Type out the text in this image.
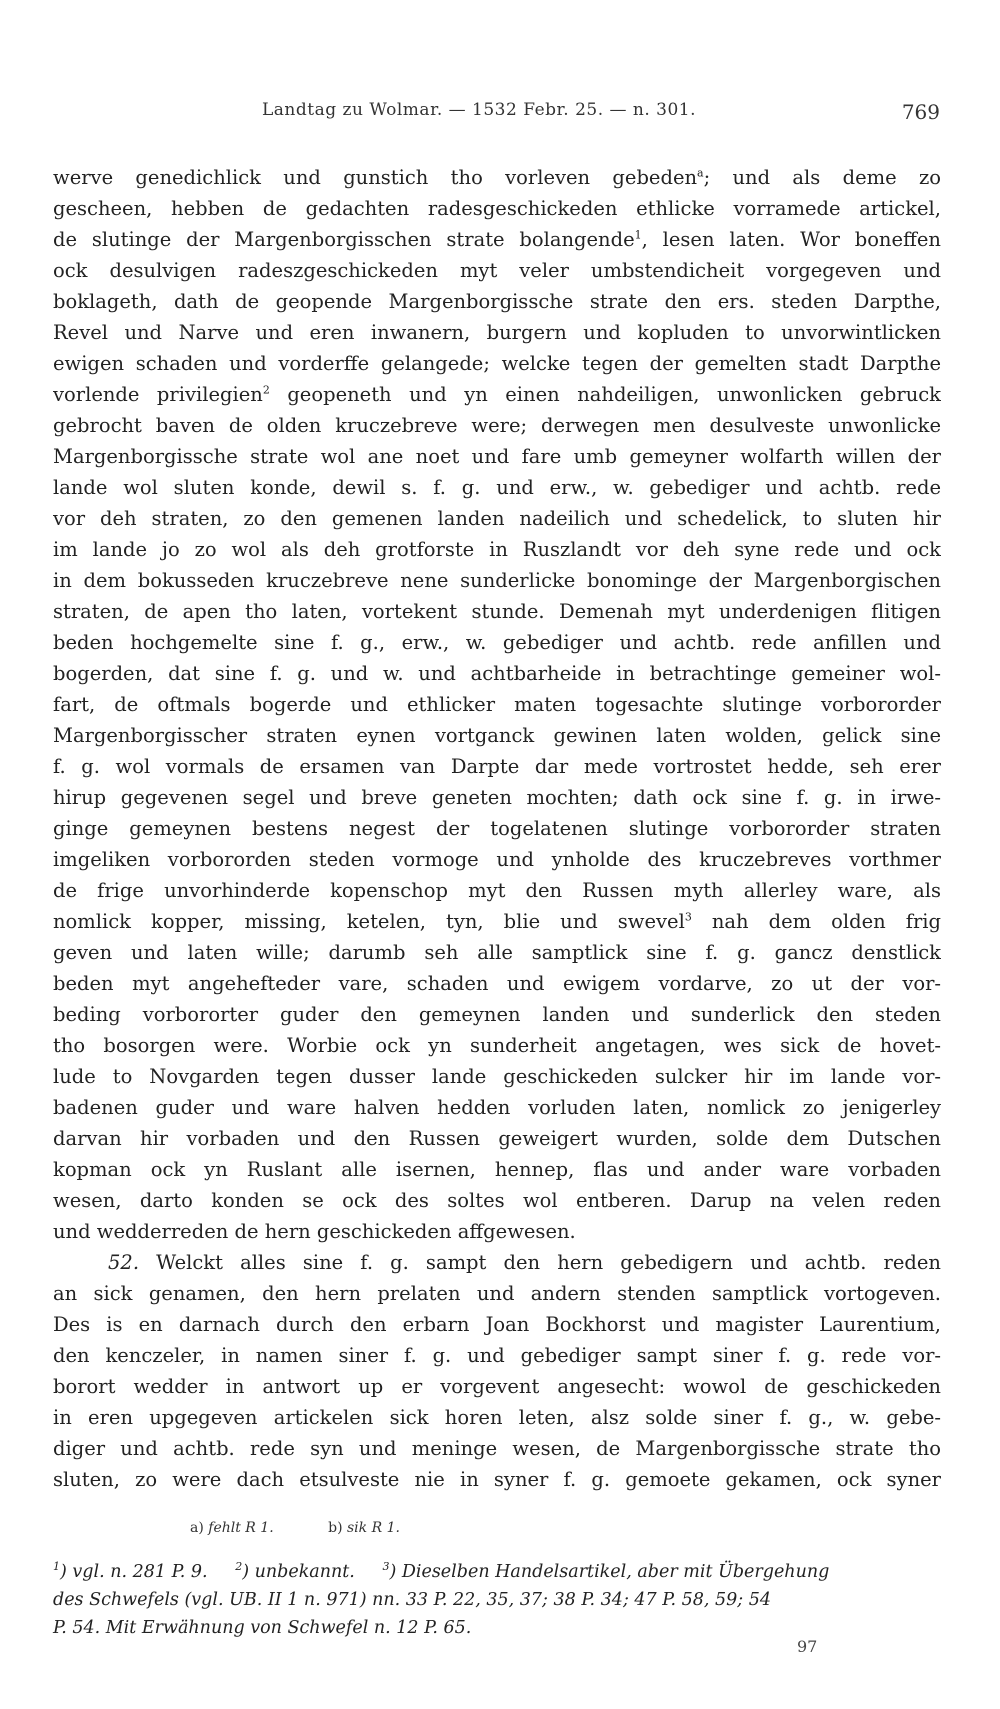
Landtag zu Wolmar. — 1532 Febr. 25. — n. 301.	769
werve genedichlick und gunstich tho vorleven gebeden$^a$; und als deme zo
gescheen, hebben de gedachten radesgeschickeden ethlicke vorramede artickel,
de slutinge der Margenborgisschen strate bolangende$^1$, lesen laten. Wor boneffen
ock desulvigen radeszgeschickeden myt veler umbstendicheit vorgegeven und
boklageth, dath de geopende Margenborgissche strate den ers. steden Darpthe,
Revel und Narve und eren inwanern, burgern und kopluden to unvorwintlicken
ewigen schaden und vorderffe gelangede; welcke tegen der gemelten stadt Darpthe
vorlende privilegien$^2$ geopeneth und yn einen nahdeiligen, unwonlicken gebruck
gebrocht baven de olden kruczebreve were; derwegen men desulveste unwonlicke
Margenborgissche strate wol ane noet und fare umb gemeyner wolfarth willen der
lande wol sluten konde, dewil s. f. g. und erw., w. gebediger und achtb. rede
vor deh straten, zo den gemenen landen nadeilich und schedelick, to sluten hir
im lande jo zo wol als deh grotforste in Ruszlandt vor deh syne rede und ock
in dem bokusseden kruczebreve nene sunderlicke bonominge der Margenborgischen
straten, de apen tho laten, vortekent stunde. Demenah myt underdenigen flitigen
beden hochgemelte sine f. g., erw., w. gebediger und achtb. rede anfillen und
bogerden, dat sine f. g. und w. und achtbarheide in betrachtinge gemeiner wol-
fart, de oftmals bogerde und ethlicker maten togesachte slutinge vorbororder
Margenborgisscher straten eynen vortganck gewinen laten wolden, gelick sine
f. g. wol vormals de ersamen van Darpte dar mede vortrostet hedde, seh erer
hirup gegevenen segel und breve geneten mochten; dath ock sine f. g. in irwe-
ginge gemeynen bestens negest der togelatenen slutinge vorbororder straten
imgeliken vorbororden steden vormoge und ynholde des kruczebreves vorthmer
de frige unvorhinderde kopenschop myt den Russen myth allerley ware, als
nomlick kopper, missing, ketelen, tyn, blie und swevel$^3$ nah dem olden frig
geven und laten wille; darumb seh alle samptlick sine f. g. gancz denstlick
beden myt angehefteder vare, schaden und ewigem vordarve, zo ut der vor-
beding vorbororter guder den gemeynen landen und sunderlick den steden
tho bosorgen were. Worbie ock yn sunderheit angetagen, wes sick de hovet-
lude to Novgarden tegen dusser lande geschickeden sulcker hir im lande vor-
badenen guder und ware halven hedden vorluden laten, nomlick zo jenigerley
darvan hir vorbaden und den Russen geweigert wurden, solde dem Dutschen
kopman ock yn Ruslant alle isernen, hennep, flas und ander ware vorbaden
wesen, darto konden se ock des soltes wol entberen. Darup na velen reden
und wedderreden de hern geschickeden affgewesen.
52. Welckt alles sine f. g. sampt den hern gebedigern und achtb. reden
an sick genamen, den hern prelaten und andern stenden samptlick vortogeven.
Des is en darnach durch den erbarn Joan Bockhorst und magister Laurentium,
den kenczeler, in namen siner f. g. und gebediger sampt siner f. g. rede vor-
borort wedder in antwort up er vorgevent angesecht: wowol de geschickeden
in eren upgegeven artickelen sick horen leten, alsz solde siner f. g., w. gebe-
diger und achtb. rede syn und meninge wesen, de Margenborgissche strate tho
sluten, zo were dach etsulveste nie in syner f. g. gemoete gekamen, ock syner
a) fehlt R 1.	b) sik R 1.
$^1$) vgl. n. 281 P. 9.	$^2$) unbekannt.	$^3$) Dieselben Handelsartikel, aber mit Übergehung
des Schwefels (vgl. UB. II 1 n. 971) nn. 33 P. 22, 35, 37; 38 P. 34; 47 P. 58, 59; 54
P. 54. Mit Erwähnung von Schwefel n. 12 P. 65.
97
